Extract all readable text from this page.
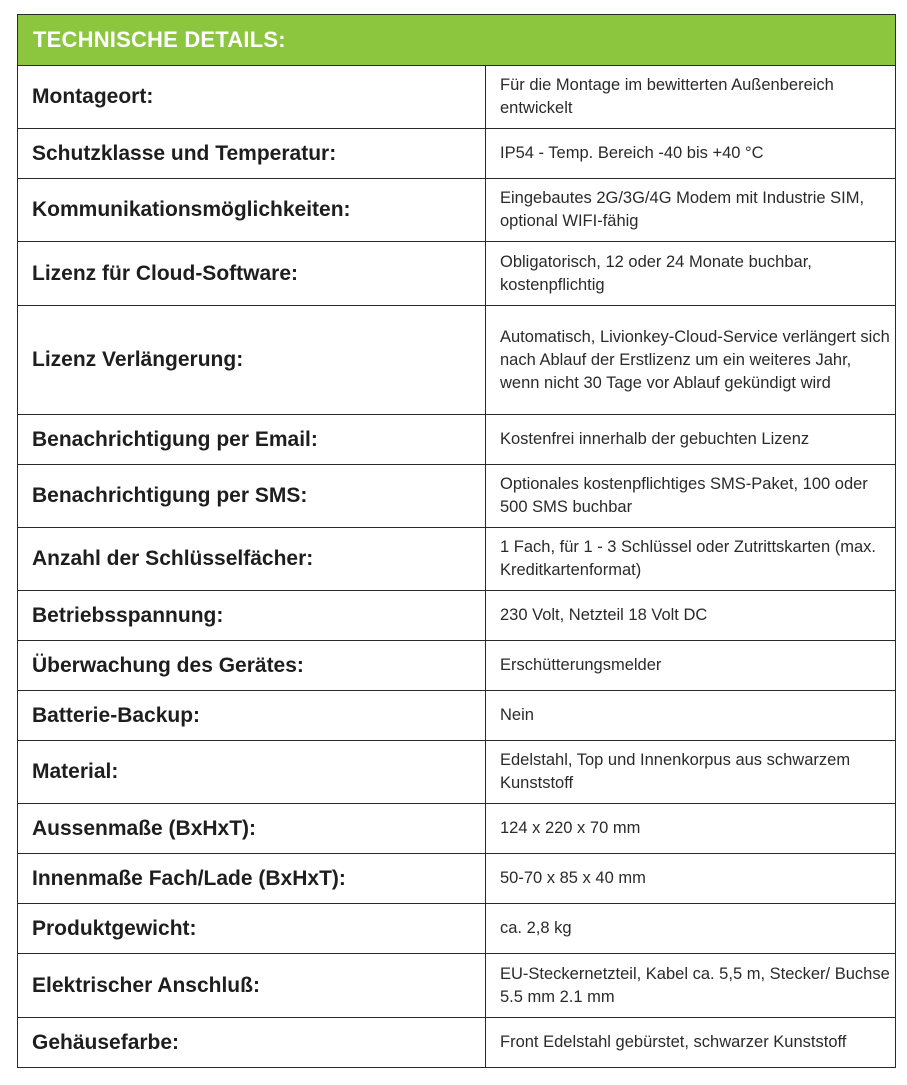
TECHNISCHE DETAILS:
Montageort:	Für die Montage im bewitterten Außenbereich entwickelt
Schutzklasse und Temperatur:	IP54 - Temp. Bereich -40 bis +40 °C
Kommunikationsmöglichkeiten:	Eingebautes 2G/3G/4G Modem mit Industrie SIM, optional WIFI-fähig
Lizenz für Cloud-Software:	Obligatorisch, 12 oder 24 Monate buchbar, kostenpflichtig
Lizenz Verlängerung:	Automatisch, Livionkey-Cloud-Service verlängert sich nach Ablauf der Erstlizenz um ein weiteres Jahr, wenn nicht 30 Tage vor Ablauf gekündigt wird
Benachrichtigung per Email:	Kostenfrei innerhalb der gebuchten Lizenz
Benachrichtigung per SMS:	Optionales kostenpflichtiges SMS-Paket, 100 oder 500 SMS buchbar
Anzahl der Schlüsselfächer:	1 Fach, für 1 - 3 Schlüssel oder Zutrittskarten (max. Kreditkartenformat)
Betriebsspannung:	230 Volt, Netzteil 18 Volt DC
Überwachung des Gerätes:	Erschütterungsmelder
Batterie-Backup:	Nein
Material:	Edelstahl, Top und Innenkorpus aus schwarzem Kunststoff
Aussenmaße (BxHxT):	124 x 220 x 70 mm
Innenmaße Fach/Lade (BxHxT):	50-70 x 85 x 40 mm
Produktgewicht:	ca. 2,8 kg
Elektrischer Anschluß:	EU-Steckernetzteil, Kabel ca. 5,5 m, Stecker/ Buchse 5.5 mm 2.1 mm
Gehäusefarbe:	Front Edelstahl gebürstet, schwarzer Kunststoff
